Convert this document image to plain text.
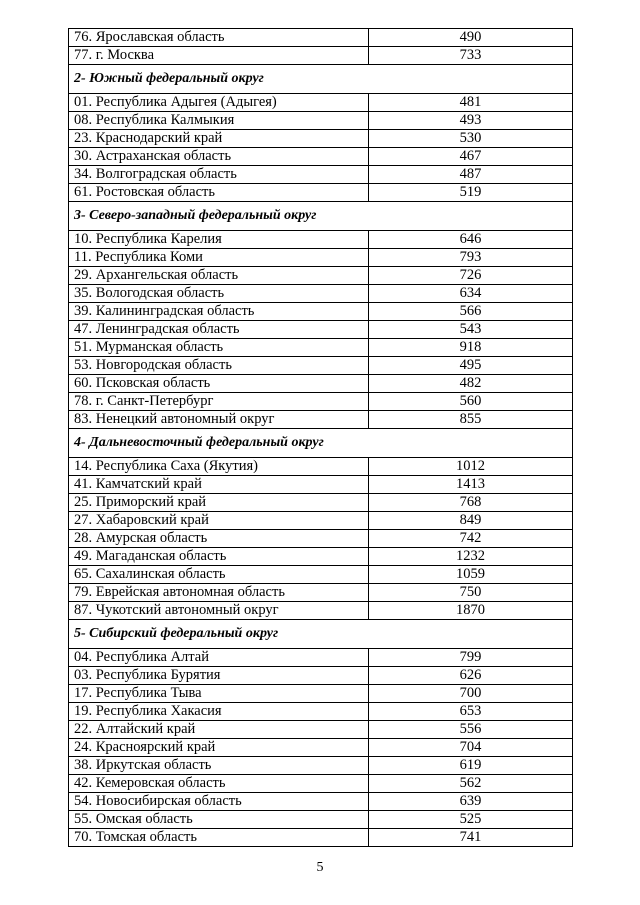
76. Ярославская область	490
77. г. Москва	733
2- Южный федеральный округ	
01. Республика Адыгея (Адыгея)	481
08. Республика Калмыкия	493
23. Краснодарский край	530
30. Астраханская область	467
34. Волгоградская область	487
61. Ростовская область	519
3- Северо-западный федеральный округ	
10. Республика Карелия	646
11. Республика Коми	793
29. Архангельская область	726
35. Вологодская область	634
39. Калининградская область	566
47. Ленинградская область	543
51. Мурманская область	918
53. Новгородская область	495
60. Псковская область	482
78. г. Санкт-Петербург	560
83. Ненецкий автономный округ	855
4- Дальневосточный федеральный округ	
14. Республика Саха (Якутия)	1012
41. Камчатский край	1413
25. Приморский край	768
27. Хабаровский край	849
28. Амурская область	742
49. Магаданская область	1232
65. Сахалинская область	1059
79. Еврейская автономная область	750
87. Чукотский автономный округ	1870
5- Сибирский федеральный округ	
04. Республика Алтай	799
03. Республика Бурятия	626
17. Республика Тыва	700
19. Республика Хакасия	653
22. Алтайский край	556
24. Красноярский край	704
38. Иркутская область	619
42. Кемеровская область	562
54. Новосибирская область	639
55. Омская область	525
70. Томская область	741
5
